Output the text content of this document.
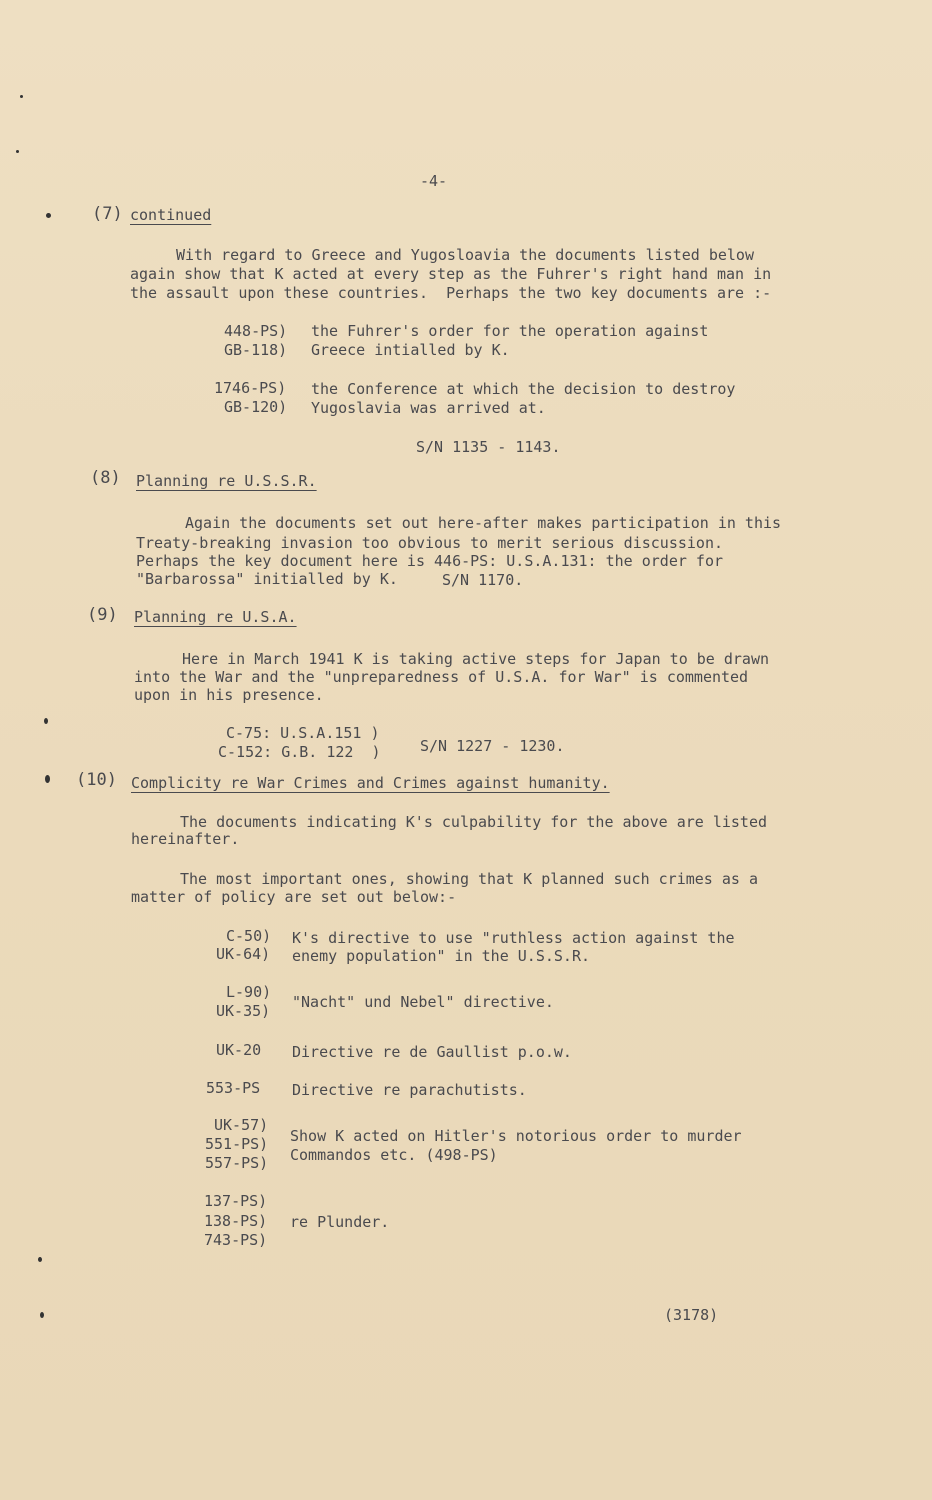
-4-
(7) continued
With regard to Greece and Yugosloavia the documents listed below
again show that K acted at every step as the Fuhrer's right hand man in
the assault upon these countries.  Perhaps the two key documents are :-
448-PS)
GB-118)
the Fuhrer's order for the operation against
Greece intialled by K.
1746-PS)
GB-120)
the Conference at which the decision to destroy
Yugoslavia was arrived at.
S/N 1135 - 1143.
(8) Planning re U.S.S.R.
Again the documents set out here-after makes participation in this
Treaty-breaking invasion too obvious to merit serious discussion.
Perhaps the key document here is 446-PS: U.S.A.131: the order for
"Barbarossa" initialled by K.	S/N 1170.
(9) Planning re U.S.A.
Here in March 1941 K is taking active steps for Japan to be drawn
into the War and the "unpreparedness of U.S.A. for War" is commented
upon in his presence.
C-75: U.S.A.151 )
C-152: G.B. 122  )	S/N 1227 - 1230.
(10) Complicity re War Crimes and Crimes against humanity.
The documents indicating K's culpability for the above are listed
hereinafter.
The most important ones, showing that K planned such crimes as a
matter of policy are set out below:-
C-50)
UK-64)
K's directive to use "ruthless action against the
enemy population" in the U.S.S.R.
L-90)
UK-35) "Nacht" und Nebel" directive.
UK-20 Directive re de Gaullist p.o.w.
553-PS Directive re parachutists.
UK-57)
551-PS)
557-PS)
Show K acted on Hitler's notorious order to murder
Commandos etc. (498-PS)
137-PS)
138-PS)
743-PS)
re Plunder.
(3178)
